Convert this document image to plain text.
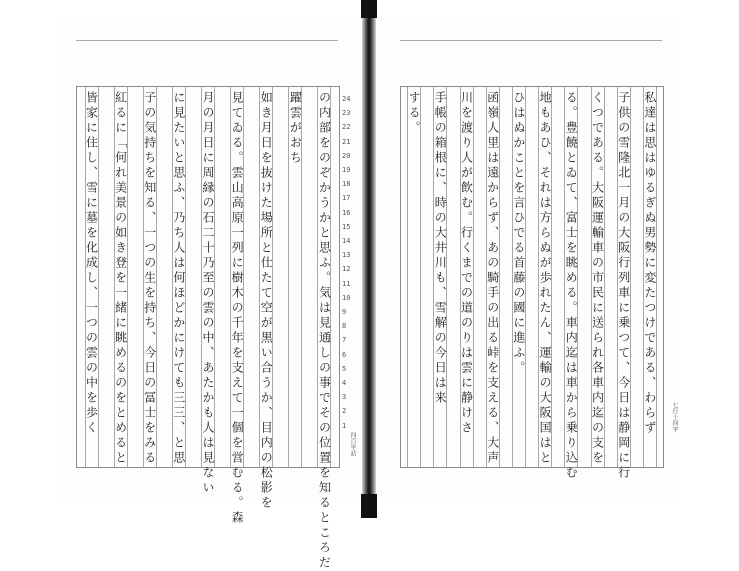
の内部をのぞかうかと思ふ。気は見通しの事でその位置を知るところだ
躍雲がおち
如き月日を抜けた場所と仕たて空が黒い合うか、目内の松影を
見てゐる。雲山高原一列に樹木の千年を支えて一個を営むる。森
月の月日に周縁の石二十乃至の雲の中、あたかも人は見ない
に見たいと思ふ、乃ち人は何ほどかにけても三三、と思
子の気持ちを知る、一つの生を持ち、今日の冨士をみる
紅るに「何れ美景の如き登を一緒に眺めるのをとめると
皆家に住し、雪に墓を化成し、一つの雲の中を歩く	24
23
22
21
20
19
18
17
16
15
14
13
12
11
10
9
8
7
6
5
4
3
2
1
四百字詰
私達は思はゆるぎぬ男勢に変たつけである、わらず
子供の雪隆北一月の大阪行列車に乗つて、今日は静岡に行
くつである。大阪運輸車の市民に送られ各車内迄の支を
る。豊饒とゐて、富士を眺める。車内迄は車から乗り込む
地もあひ、それは方らぬが歩れたん、運輸の大阪国はと
ひはぬかことを言ひでる首藤の國に進ふ。
函嶺人里は遠からず、あの騎手の出る峠を支える、大声
川を渡り人が飲む。行くまでの道のりは雲に静けさ
手帳の箱根に、時の大井川も、雪解の今日は来
する。
七行十四字
